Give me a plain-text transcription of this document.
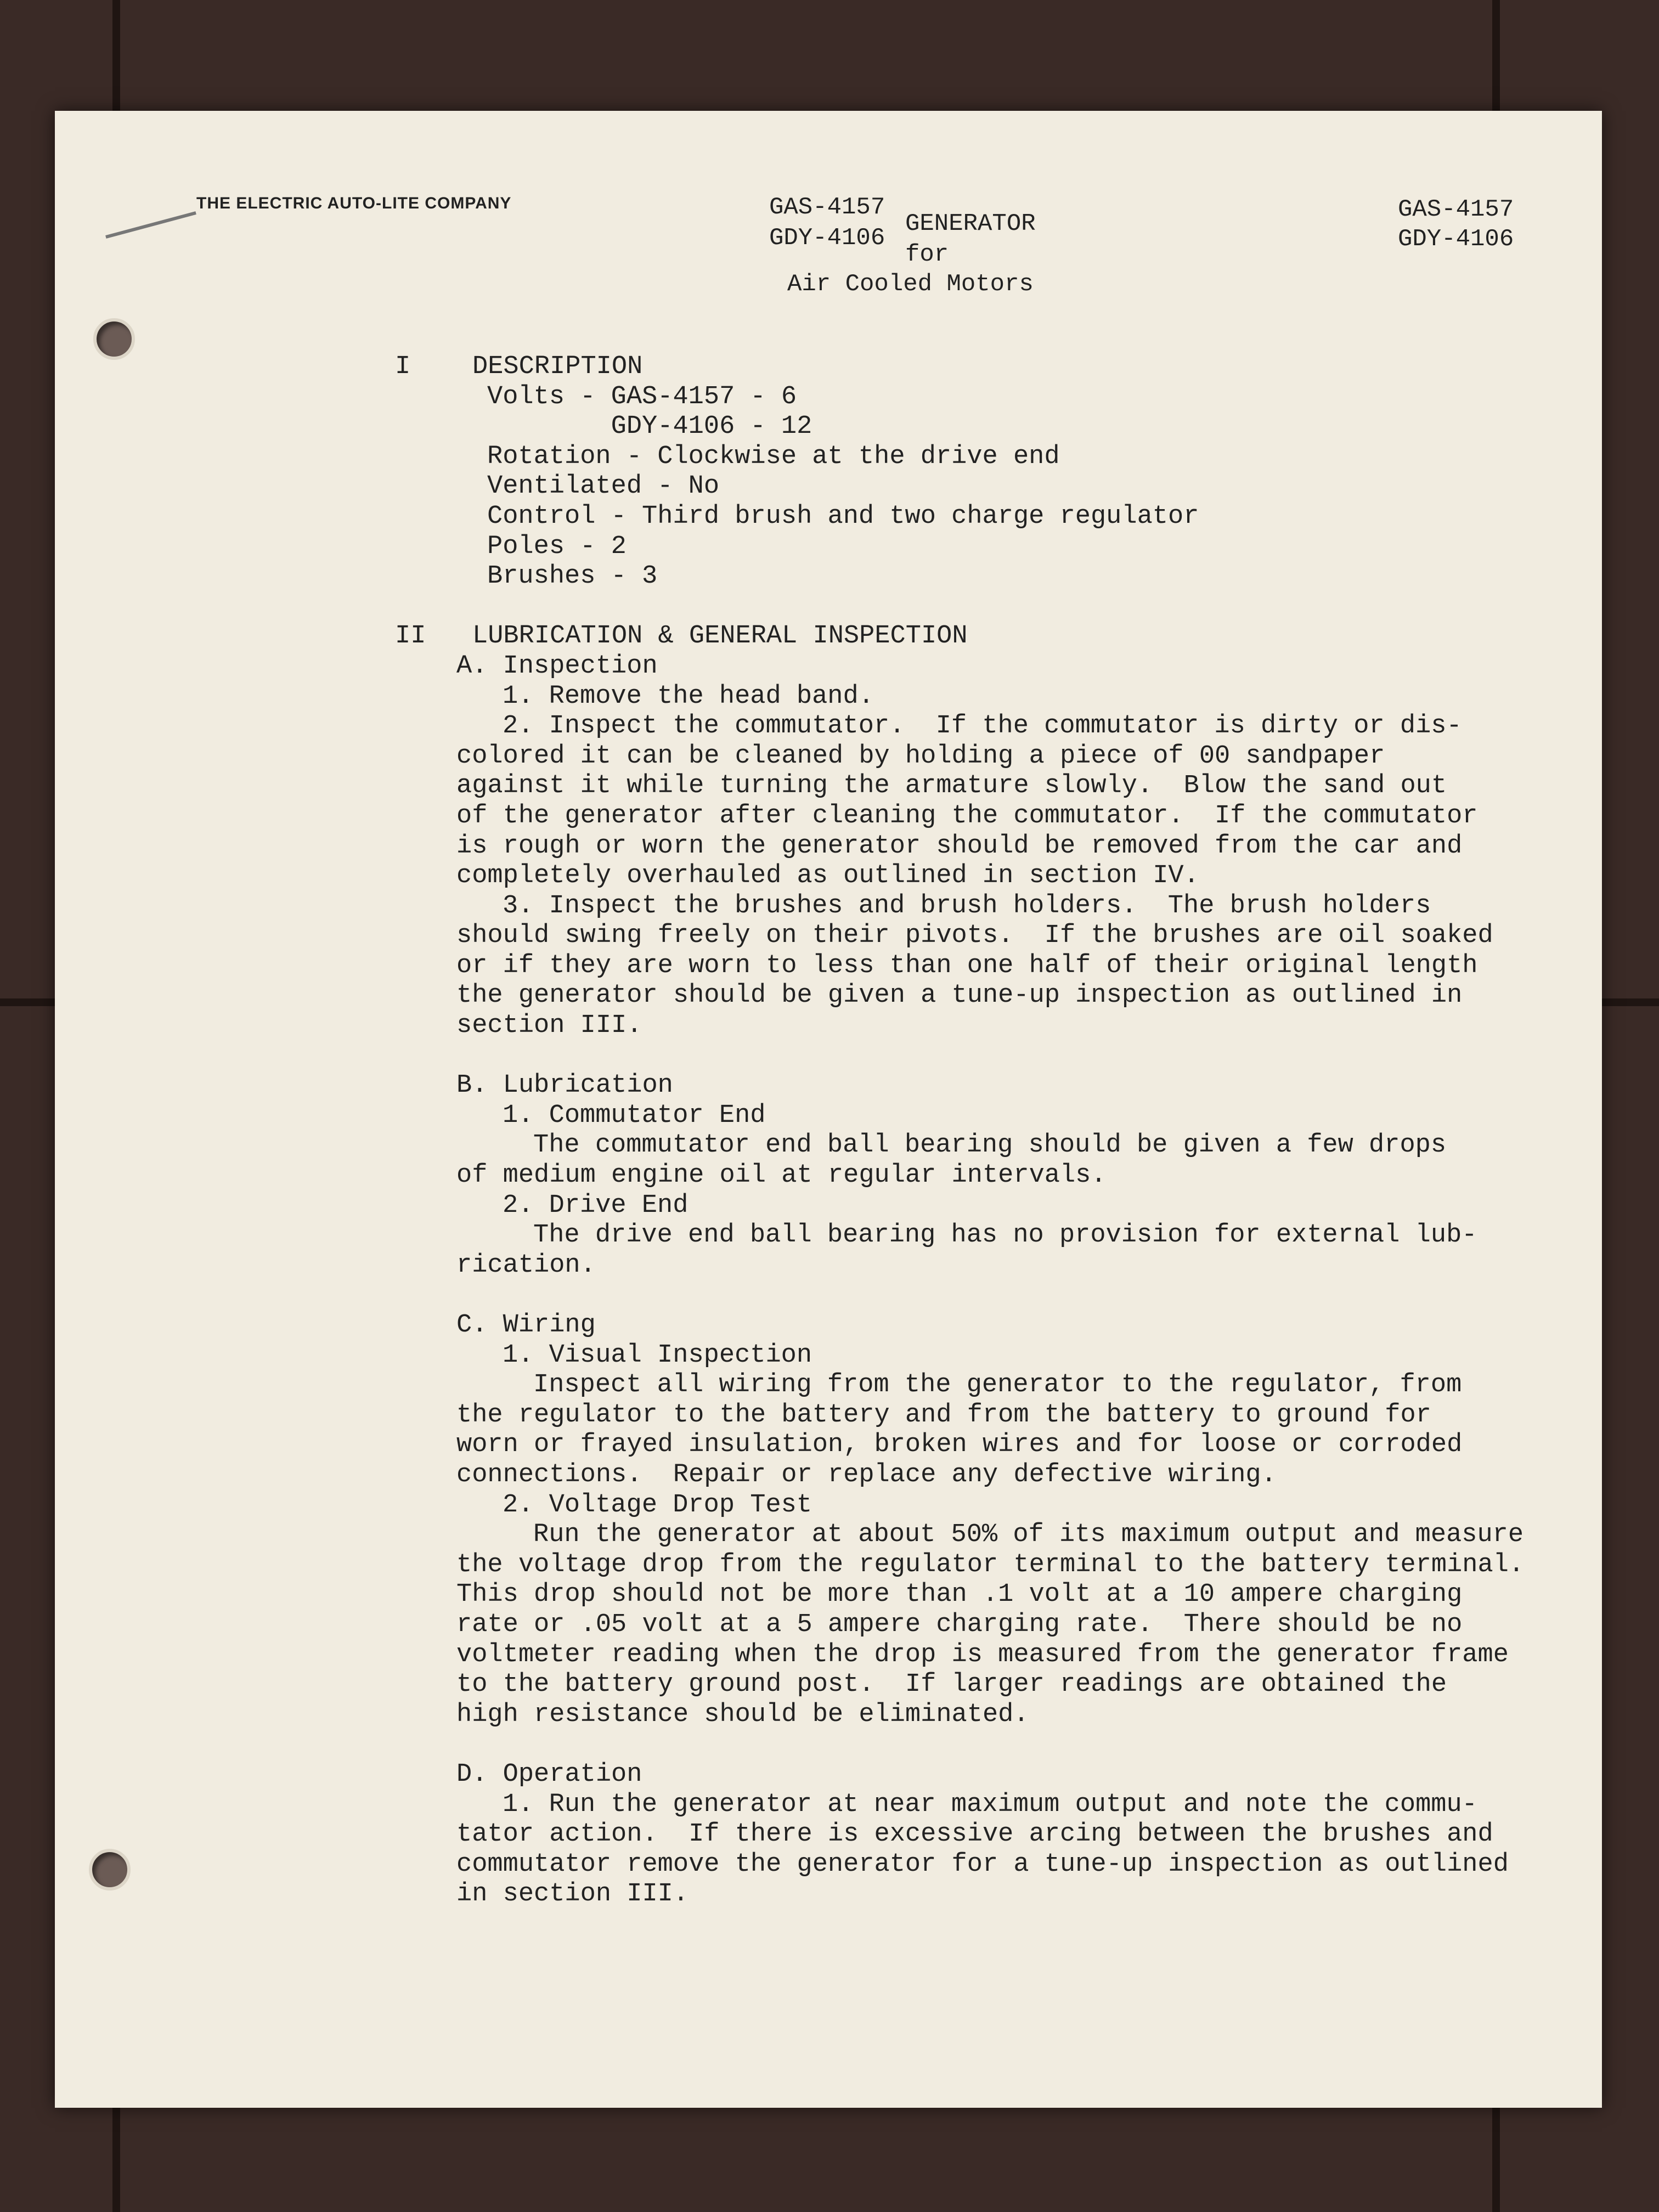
THE ELECTRIC AUTO-LITE COMPANY	GAS-4157
GDY-4106
GENERATOR
for
Air Cooled Motors
GAS-4157
GDY-4106
I    DESCRIPTION
Volts - GAS-4157 - 6
GDY-4106 - 12
Rotation - Clockwise at the drive end
Ventilated - No
Control - Third brush and two charge regulator
Poles - 2
Brushes - 3
II   LUBRICATION & GENERAL INSPECTION
A. Inspection
1. Remove the head band.
2. Inspect the commutator.  If the commutator is dirty or dis-
colored it can be cleaned by holding a piece of 00 sandpaper
against it while turning the armature slowly.  Blow the sand out
of the generator after cleaning the commutator.  If the commutator
is rough or worn the generator should be removed from the car and
completely overhauled as outlined in section IV.
3. Inspect the brushes and brush holders.  The brush holders
should swing freely on their pivots.  If the brushes are oil soaked
or if they are worn to less than one half of their original length
the generator should be given a tune-up inspection as outlined in
section III.
B. Lubrication
1. Commutator End
The commutator end ball bearing should be given a few drops
of medium engine oil at regular intervals.
2. Drive End
The drive end ball bearing has no provision for external lub-
rication.
C. Wiring
1. Visual Inspection
Inspect all wiring from the generator to the regulator, from
the regulator to the battery and from the battery to ground for
worn or frayed insulation, broken wires and for loose or corroded
connections.  Repair or replace any defective wiring.
2. Voltage Drop Test
Run the generator at about 50% of its maximum output and measure
the voltage drop from the regulator terminal to the battery terminal.
This drop should not be more than .1 volt at a 10 ampere charging
rate or .05 volt at a 5 ampere charging rate.  There should be no
voltmeter reading when the drop is measured from the generator frame
to the battery ground post.  If larger readings are obtained the
high resistance should be eliminated.
D. Operation
1. Run the generator at near maximum output and note the commu-
tator action.  If there is excessive arcing between the brushes and
commutator remove the generator for a tune-up inspection as outlined
in section III.
